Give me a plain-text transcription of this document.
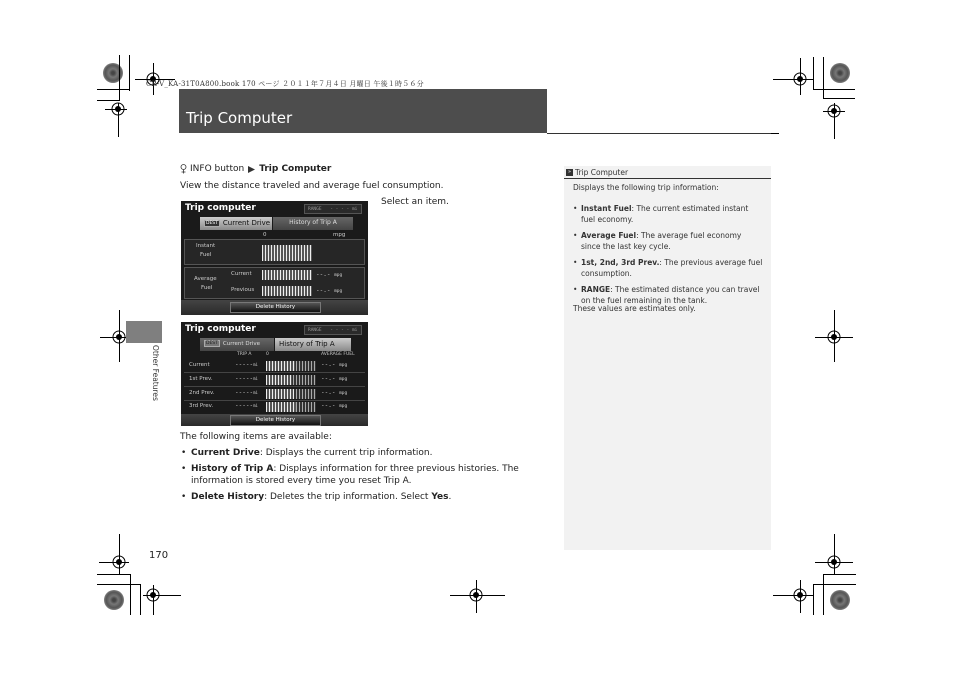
CR-V_KA-31T0A800.book 170 ページ ２０１１年７月４日 月曜日 午後１時５６分
Trip Computer
Other Features
INFO button Trip Computer
View the distance traveled and average fuel consumption.
Select an item.
Trip computer	RANGE - - - - mi
DEST Current Drive	History of Trip A
0	mpg
Instant
Fuel
Average
Fuel
Current	--.- mpg
Previous	--.- mpg
Delete History
Trip computer	RANGE - - - - mi
DEST Current Drive	History of Trip A
TRIP A	0	AVERAGE FUEL
Current	-----mi	--.- mpg
1st Prev.	-----mi	--.- mpg
2nd Prev.	-----mi	--.- mpg
3rd Prev.	-----mi	--.- mpg
Delete History
The following items are available:
• Current Drive: Displays the current trip information.
• History of Trip A: Displays information for three previous histories. The
information is stored every time you reset Trip A.
• Delete History: Deletes the trip information. Select Yes.
» Trip Computer
Displays the following trip information:
• Instant Fuel: The current estimated instant
fuel economy.
• Average Fuel: The average fuel economy
since the last key cycle.
• 1st, 2nd, 3rd Prev.: The previous average fuel
consumption.
• RANGE: The estimated distance you can travel
on the fuel remaining in the tank.
These values are estimates only.
170
